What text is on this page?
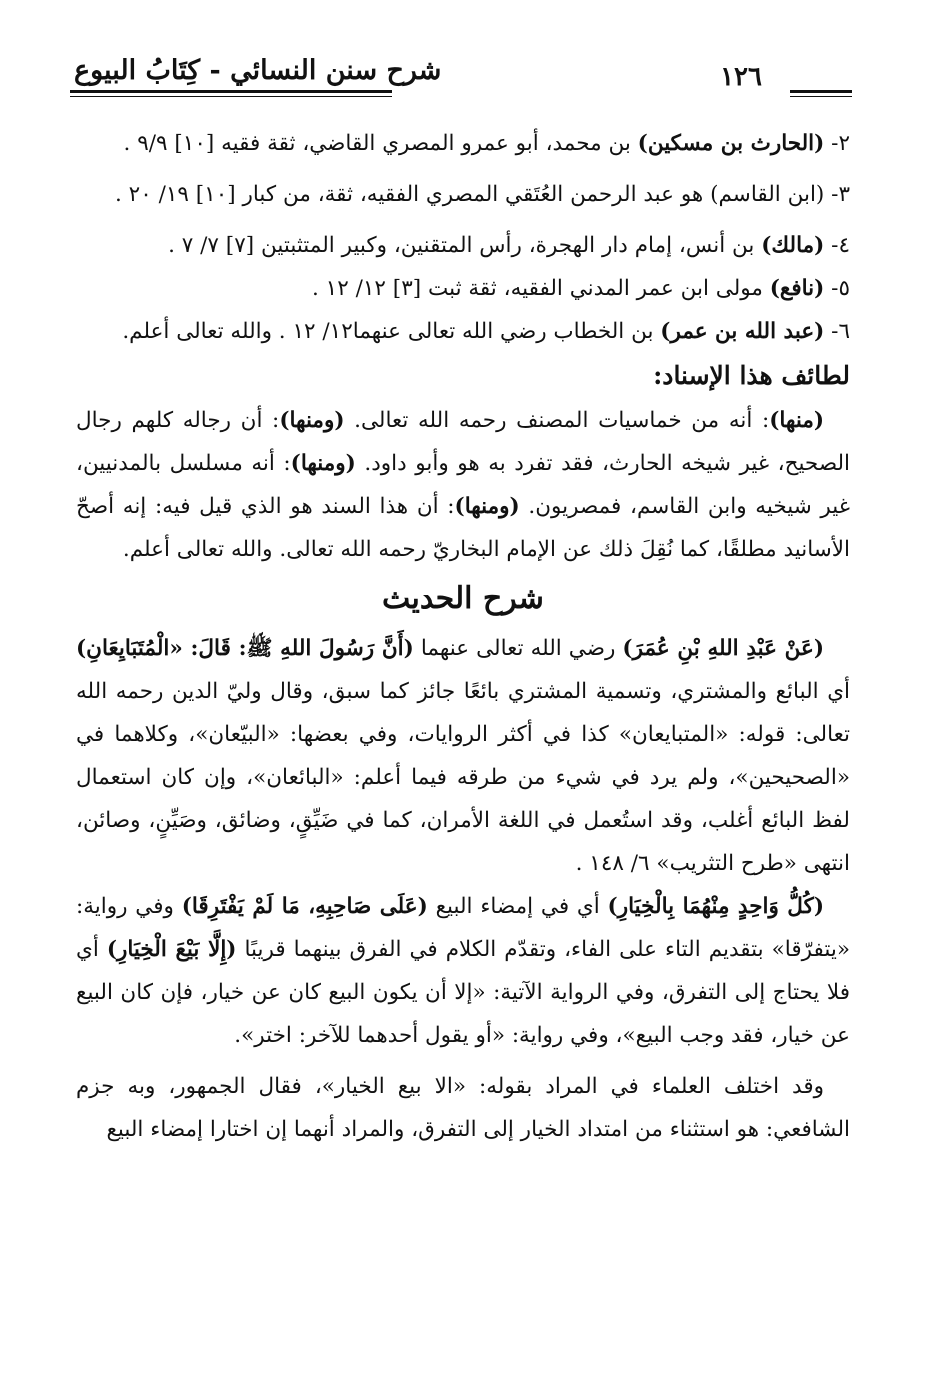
شرح سنن النسائي - كِتَابُ البيوع	١٢٦

٢- (الحارث بن مسكين) بن محمد، أبو عمرو المصري القاضي، ثقة فقيه [١٠] ٩/٩ .

٣- (ابن القاسم) هو عبد الرحمن العُتَقي المصري الفقيه، ثقة، من كبار [١٠] ١٩/ ٢٠ .

٤- (مالك) بن أنس، إمام دار الهجرة، رأس المتقنين، وكبير المتثبتين [٧] ٧/ ٧ .

٥- (نافع) مولى ابن عمر المدني الفقيه، ثقة ثبت [٣] ١٢/ ١٢ .

٦- (عبد الله بن عمر) بن الخطاب رضي الله تعالى عنهما١٢/ ١٢ . والله تعالى أعلم.

لطائف هذا الإسناد:

(منها): أنه من خماسيات المصنف رحمه الله تعالى. (ومنها): أن رجاله كلهم رجال الصحيح، غير شيخه الحارث، فقد تفرد به هو وأبو داود. (ومنها): أنه مسلسل بالمدنيين، غير شيخيه وابن القاسم، فمصريون. (ومنها): أن هذا السند هو الذي قيل فيه: إنه أصحّ الأسانيد مطلقًا، كما نُقِلَ ذلك عن الإمام البخاريّ رحمه الله تعالى. والله تعالى أعلم.

شرح الحديث

(عَنْ عَبْدِ اللهِ بْنِ عُمَرَ) رضي الله تعالى عنهما (أَنَّ رَسُولَ اللهِ ﷺ: قَالَ: «الْمُتَبَايِعَانِ) أي البائع والمشتري، وتسمية المشتري بائعًا جائز كما سبق، وقال وليّ الدين رحمه الله تعالى: قوله: «المتبايعان» كذا في أكثر الروايات، وفي بعضها: «البيّعان»، وكلاهما في «الصحيحين»، ولم يرد في شيء من طرقه فيما أعلم: «البائعان»، وإن كان استعمال لفظ البائع أغلب، وقد استُعمل في اللغة الأمران، كما في ضَيِّقٍ، وضائق، وصَيِّنٍ، وصائن، انتهى «طرح التثريب» ٦/ ١٤٨ .

(كُلُّ وَاحِدٍ مِنْهُمَا بِالْخِيَارِ) أي في إمضاء البيع (عَلَى صَاحِبِهِ، مَا لَمْ يَفْتَرِقَا) وفي رواية: «يتفرّقا» بتقديم التاء على الفاء، وتقدّم الكلام في الفرق بينهما قريبًا (إِلَّا بَيْعَ الْخِيَارِ) أي فلا يحتاج إلى التفرق، وفي الرواية الآتية: «إلا أن يكون البيع كان عن خيار، فإن كان البيع عن خيار، فقد وجب البيع»، وفي رواية: «أو يقول أحدهما للآخر: اختر».

وقد اختلف العلماء في المراد بقوله: «الا بيع الخيار»، فقال الجمهور، وبه جزم الشافعي: هو استثناء من امتداد الخيار إلى التفرق، والمراد أنهما إن اختارا إمضاء البيع
